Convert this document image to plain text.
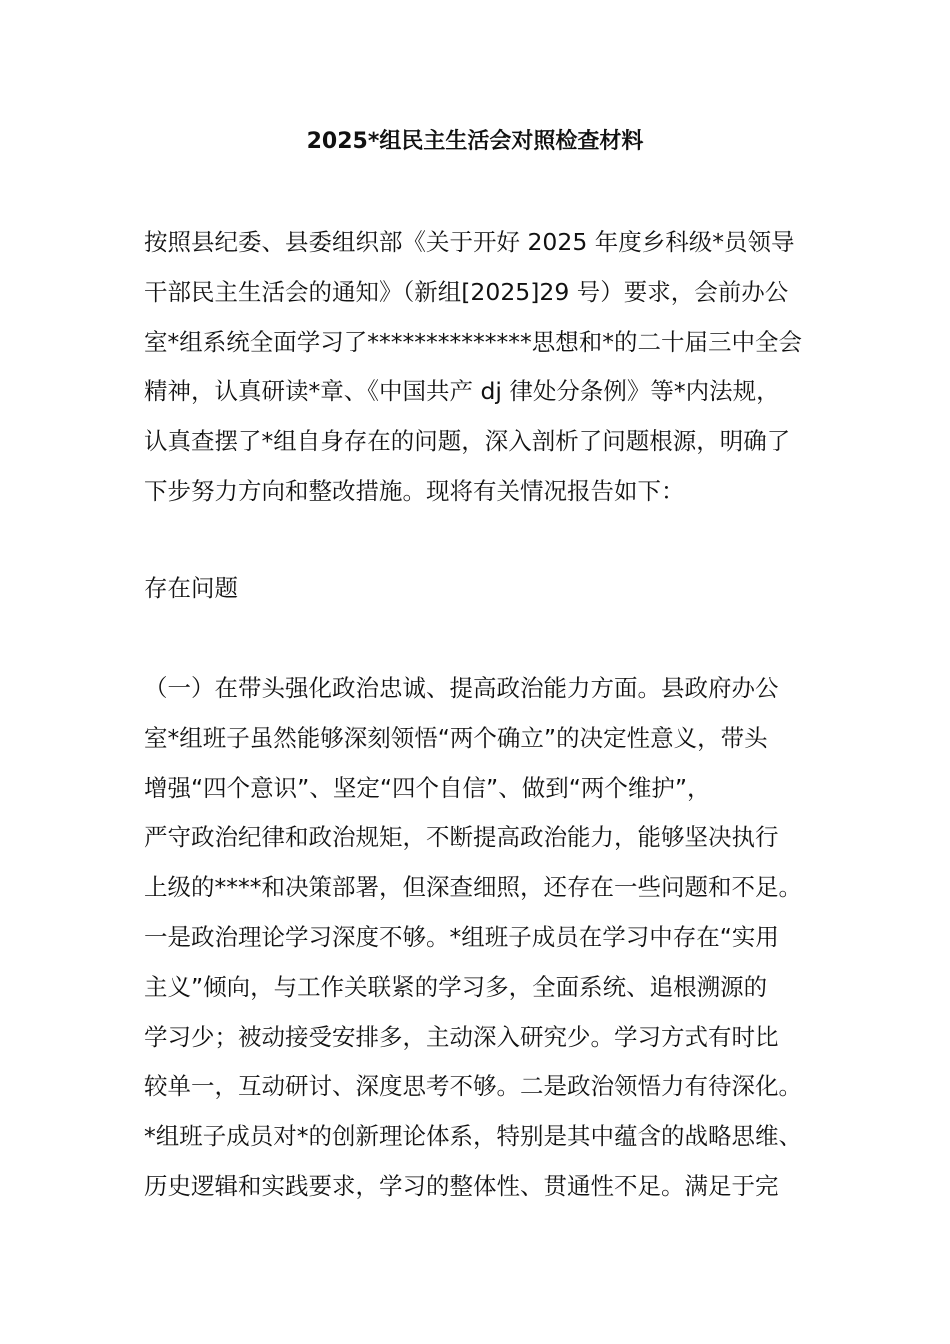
2025*组民主生活会对照检查材料
按照县纪委、县委组织部《关于开好 2025 年度乡科级*员领导
干部民主生活会的通知》（新组[2025]29 号）要求，会前办公
室*组系统全面学习了**************思想和*的二十届三中全会
精神，认真研读*章、《中国共产 dj 律处分条例》等*内法规，
认真查摆了*组自身存在的问题，深入剖析了问题根源，明确了
下步努力方向和整改措施。现将有关情况报告如下：
存在问题
（一）在带头强化政治忠诚、提高政治能力方面。县政府办公
室*组班子虽然能够深刻领悟“两个确立”的决定性意义，带头
增强“四个意识”、坚定“四个自信”、做到“两个维护”，
严守政治纪律和政治规矩，不断提高政治能力，能够坚决执行
上级的****和决策部署，但深查细照，还存在一些问题和不足。
一是政治理论学习深度不够。*组班子成员在学习中存在“实用
主义”倾向，与工作关联紧的学习多，全面系统、追根溯源的
学习少；被动接受安排多，主动深入研究少。学习方式有时比
较单一，互动研讨、深度思考不够。二是政治领悟力有待深化。
*组班子成员对*的创新理论体系，特别是其中蕴含的战略思维、
历史逻辑和实践要求，学习的整体性、贯通性不足。满足于完
